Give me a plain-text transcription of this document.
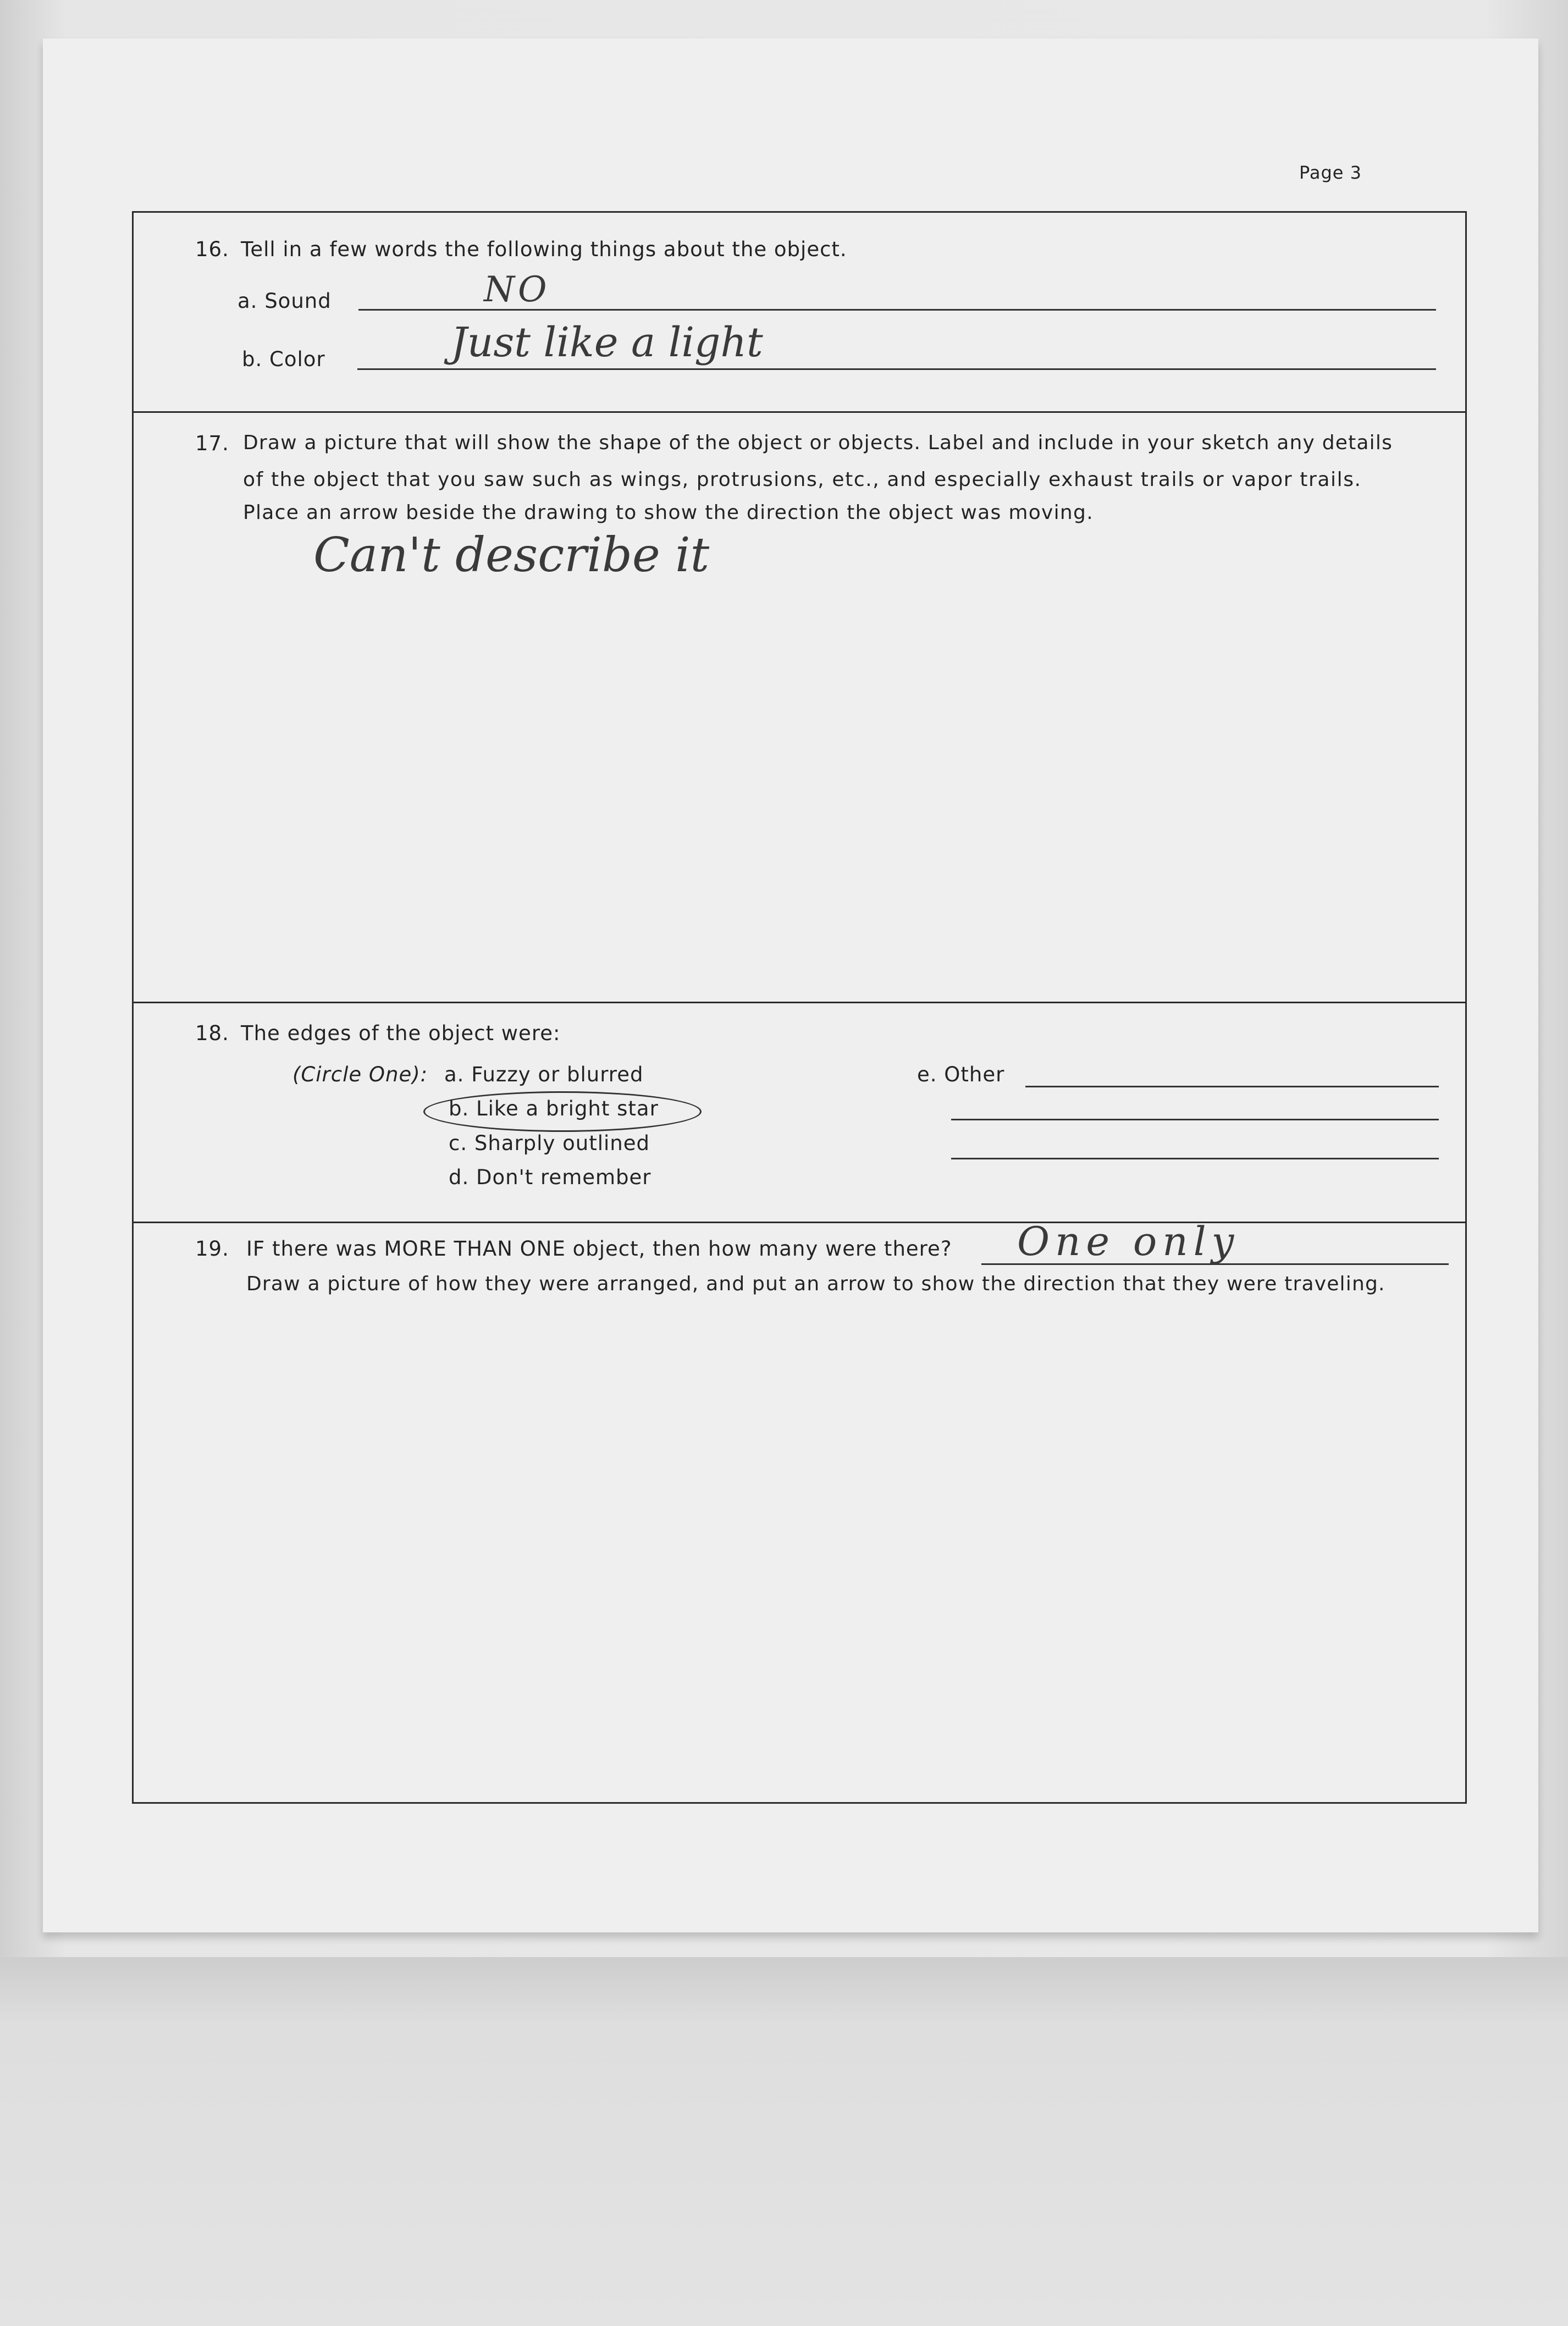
Page 3
16. Tell in a few words the following things about the object.
a. Sound	NO
b. Color	Just like a light
17. Draw a picture that will show the shape of the object or objects. Label and include in your sketch any details
of the object that you saw such as wings, protrusions, etc., and especially exhaust trails or vapor trails.
Place an arrow beside the drawing to show the direction the object was moving.
Can't describe it
18. The edges of the object were:
(Circle One): a. Fuzzy or blurred
b. Like a bright star
c. Sharply outlined
d. Don't remember
e. Other
19. IF there was MORE THAN ONE object, then how many were there? One only
Draw a picture of how they were arranged, and put an arrow to show the direction that they were traveling.
